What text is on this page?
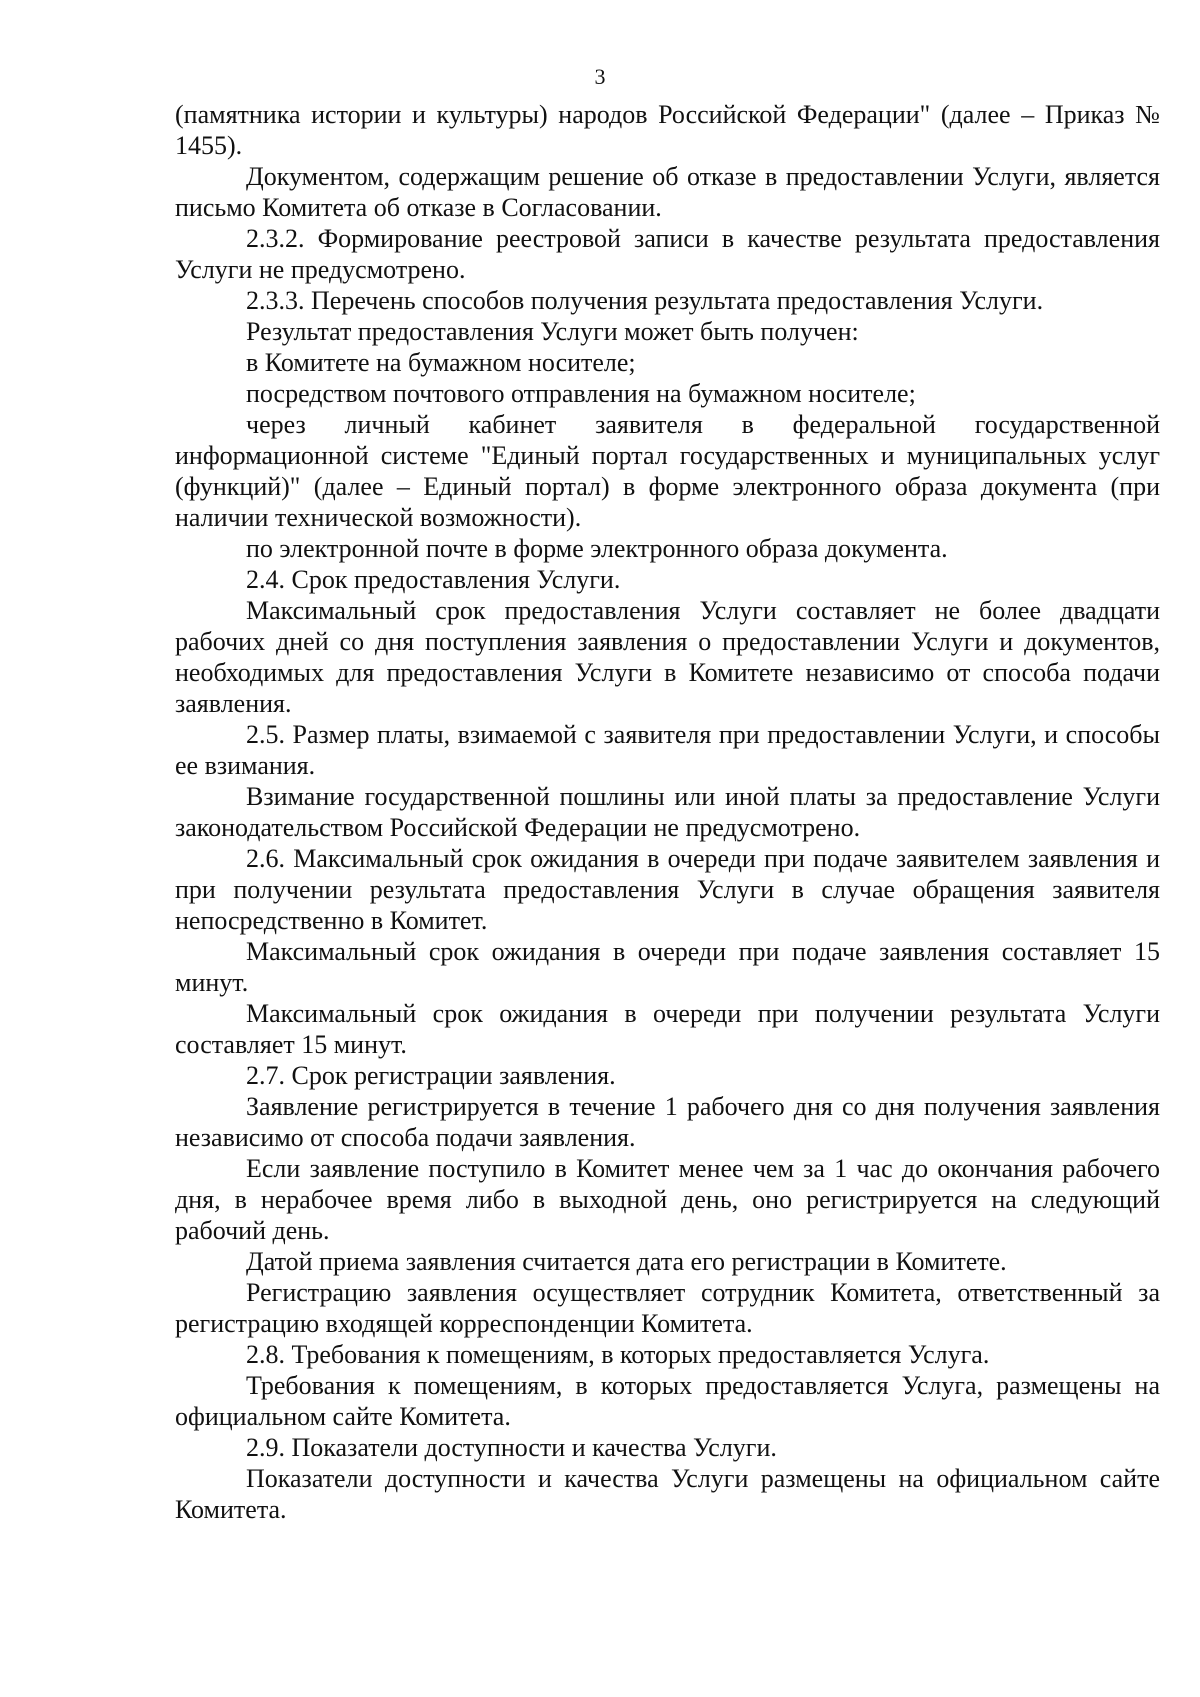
3

(памятника истории и культуры) народов Российской Федерации" (далее – Приказ № 1455).

Документом, содержащим решение об отказе в предоставлении Услуги, является письмо Комитета об отказе в Согласовании.

2.3.2. Формирование реестровой записи в качестве результата предоставления Услуги не предусмотрено.

2.3.3. Перечень способов получения результата предоставления Услуги.

Результат предоставления Услуги может быть получен:

в Комитете на бумажном носителе;

посредством почтового отправления на бумажном носителе;

через личный кабинет заявителя в федеральной государственной информационной системе "Единый портал государственных и муниципальных услуг (функций)" (далее – Единый портал) в форме электронного образа документа (при наличии технической возможности).

по электронной почте в форме электронного образа документа.

2.4. Срок предоставления Услуги.

Максимальный срок предоставления Услуги составляет не более двадцати рабочих дней со дня поступления заявления о предоставлении Услуги и документов, необходимых для предоставления Услуги в Комитете независимо от способа подачи заявления.

2.5. Размер платы, взимаемой с заявителя при предоставлении Услуги, и способы ее взимания.

Взимание государственной пошлины или иной платы за предоставление Услуги законодательством Российской Федерации не предусмотрено.

2.6. Максимальный срок ожидания в очереди при подаче заявителем заявления и при получении результата предоставления Услуги в случае обращения заявителя непосредственно в Комитет.

Максимальный срок ожидания в очереди при подаче заявления составляет 15 минут.

Максимальный срок ожидания в очереди при получении результата Услуги составляет 15 минут.

2.7. Срок регистрации заявления.

Заявление регистрируется в течение 1 рабочего дня со дня получения заявления независимо от способа подачи заявления.

Если заявление поступило в Комитет менее чем за 1 час до окончания рабочего дня, в нерабочее время либо в выходной день, оно регистрируется на следующий рабочий день.

Датой приема заявления считается дата его регистрации в Комитете.

Регистрацию заявления осуществляет сотрудник Комитета, ответственный за регистрацию входящей корреспонденции Комитета.

2.8. Требования к помещениям, в которых предоставляется Услуга.

Требования к помещениям, в которых предоставляется Услуга, размещены на официальном сайте Комитета.

2.9. Показатели доступности и качества Услуги.

Показатели доступности и качества Услуги размещены на официальном сайте Комитета.
